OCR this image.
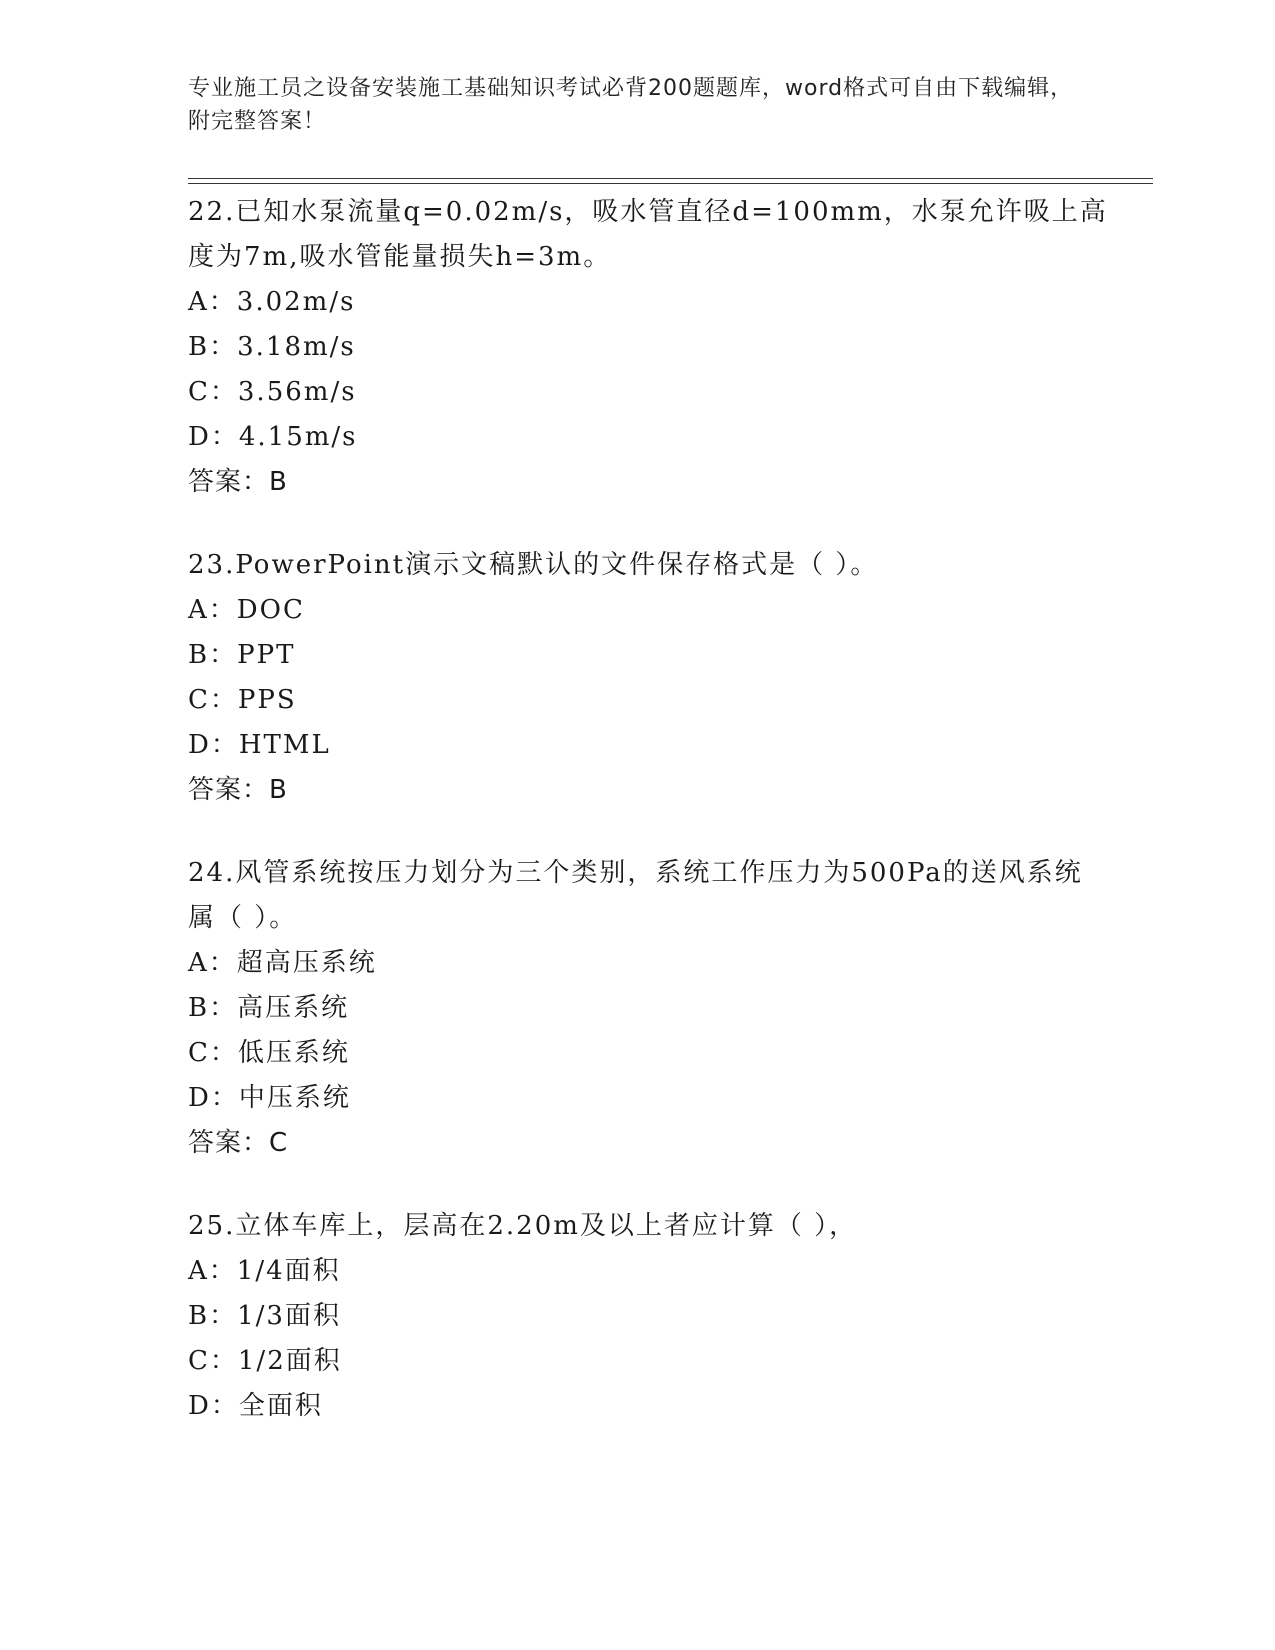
专业施工员之设备安装施工基础知识考试必背200题题库，word格式可自由下载编辑，附完整答案！

22.已知水泵流量q=0.02m/s，吸水管直径d=100mm，水泵允许吸上高度为7m,吸水管能量损失h=3m。

A：3.02m/s

B：3.18m/s

C：3.56m/s

D：4.15m/s

答案：B

23.PowerPoint演示文稿默认的文件保存格式是（ ）。

A：DOC

B：PPT

C：PPS

D：HTML

答案：B

24.风管系统按压力划分为三个类别，系统工作压力为500Pa的送风系统属（ ）。

A：超高压系统

B：高压系统

C：低压系统

D：中压系统

答案：C

25.立体车库上，层高在2.20m及以上者应计算（ ），

A：1/4面积

B：1/3面积

C：1/2面积

D：全面积
